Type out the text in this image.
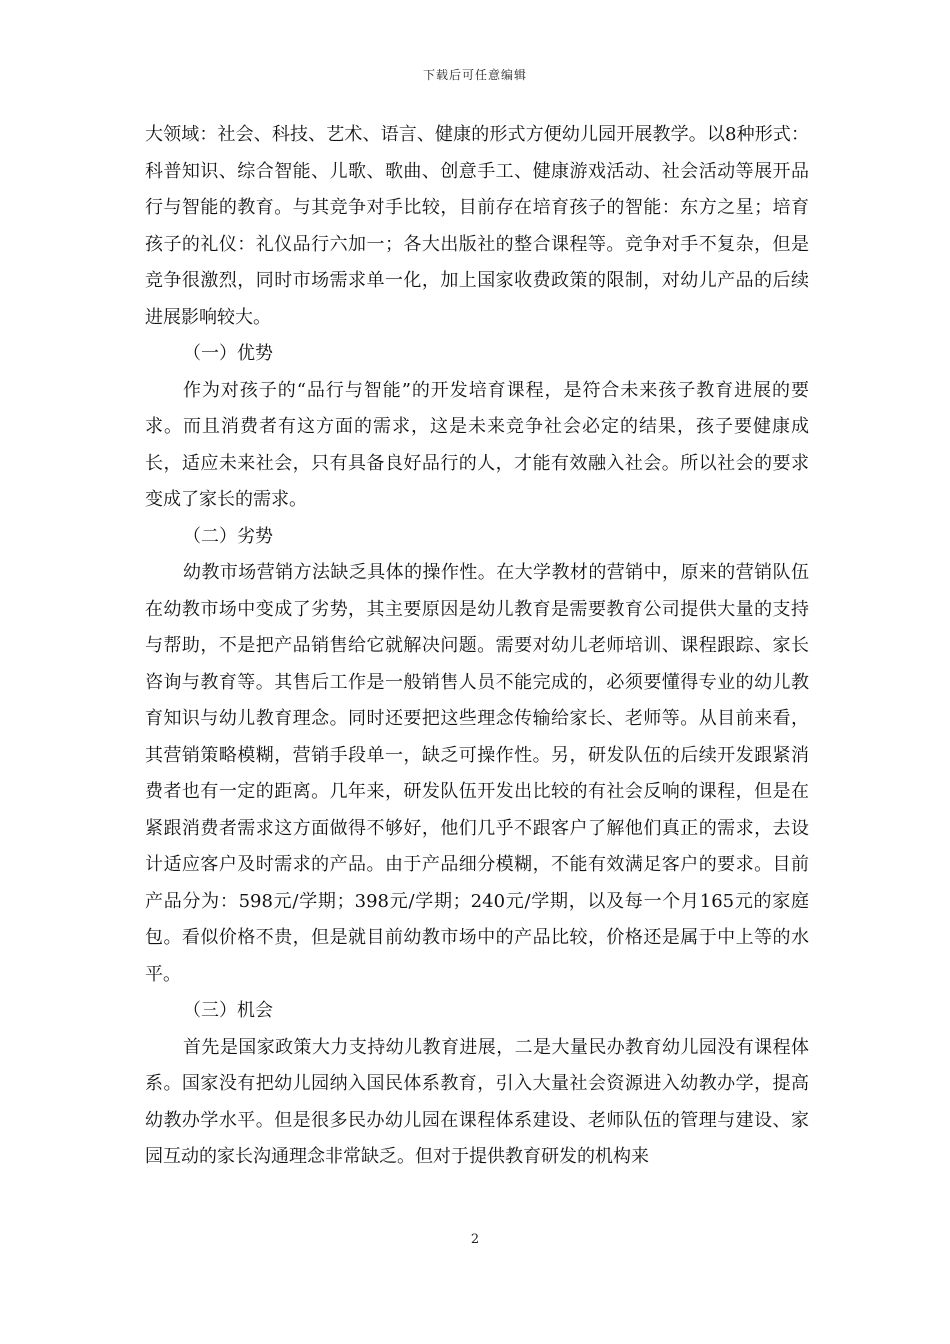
下载后可任意编辑

大领域：社会、科技、艺术、语言、健康的形式方便幼儿园开展教学。以8种形式：科普知识、综合智能、儿歌、歌曲、创意手工、健康游戏活动、社会活动等展开品行与智能的教育。与其竞争对手比较，目前存在培育孩子的智能：东方之星；培育孩子的礼仪：礼仪品行六加一；各大出版社的整合课程等。竞争对手不复杂，但是竞争很激烈，同时市场需求单一化，加上国家收费政策的限制，对幼儿产品的后续进展影响较大。

（一）优势

作为对孩子的“品行与智能”的开发培育课程，是符合未来孩子教育进展的要求。而且消费者有这方面的需求，这是未来竞争社会必定的结果，孩子要健康成长，适应未来社会，只有具备良好品行的人，才能有效融入社会。所以社会的要求变成了家长的需求。

（二）劣势

幼教市场营销方法缺乏具体的操作性。在大学教材的营销中，原来的营销队伍在幼教市场中变成了劣势，其主要原因是幼儿教育是需要教育公司提供大量的支持与帮助，不是把产品销售给它就解决问题。需要对幼儿老师培训、课程跟踪、家长咨询与教育等。其售后工作是一般销售人员不能完成的，必须要懂得专业的幼儿教育知识与幼儿教育理念。同时还要把这些理念传输给家长、老师等。从目前来看，其营销策略模糊，营销手段单一，缺乏可操作性。另，研发队伍的后续开发跟紧消费者也有一定的距离。几年来，研发队伍开发出比较的有社会反响的课程，但是在紧跟消费者需求这方面做得不够好，他们几乎不跟客户了解他们真正的需求，去设计适应客户及时需求的产品。由于产品细分模糊，不能有效满足客户的要求。目前产品分为：598元/学期；398元/学期；240元/学期，以及每一个月165元的家庭包。看似价格不贵，但是就目前幼教市场中的产品比较，价格还是属于中上等的水平。

（三）机会

首先是国家政策大力支持幼儿教育进展，二是大量民办教育幼儿园没有课程体系。国家没有把幼儿园纳入国民体系教育，引入大量社会资源进入幼教办学，提高幼教办学水平。但是很多民办幼儿园在课程体系建设、老师队伍的管理与建设、家园互动的家长沟通理念非常缺乏。但对于提供教育研发的机构来

2
